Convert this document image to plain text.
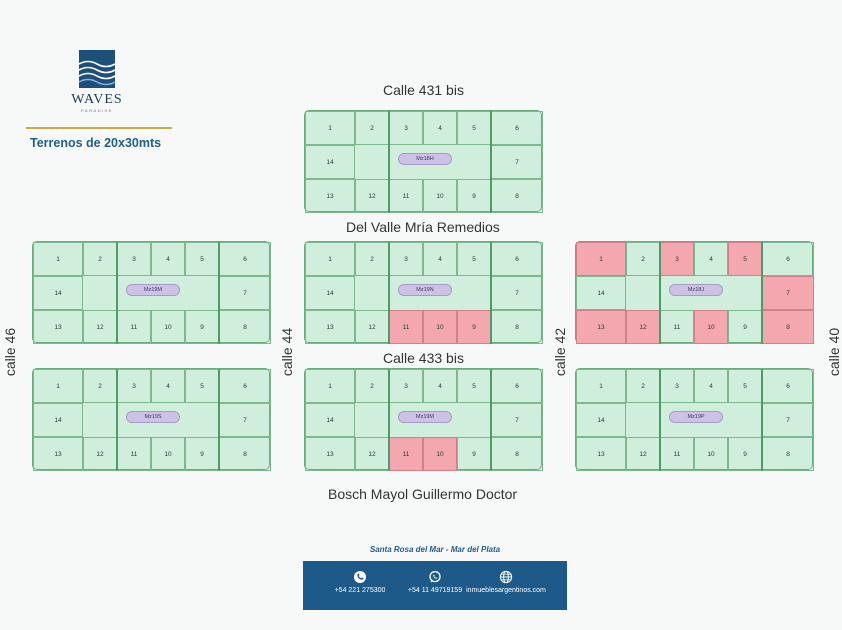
WAVES
PARADISE
Terrenos de 20x30mts
Calle 431 bis
Del Valle Mría Remedios
Calle 433 bis
Bosch Mayol Guillermo Doctor
calle 46	calle 44	calle 42	calle 40
1	2	3	4	5	6
7
8
9
10
11
12
13
14	Mz18H
1	2	3	4	5	6
7
8
9
10
11
12
13
14	Mz19M
1	2	3	4	5	6
7
8
9
10
11
12
13
14	Mz19N
1	2	3	4	5	6
7
8
9
10
11
12
13
14	Mz18J
1	2	3	4	5	6
7
8
9
10
11
12
13
14	Mz19S
1	2	3	4	5	6
7
8
9
10
11
12
13
14	Mz19M
1	2	3	4	5	6
7
8
9
10
11
12
13
14	Mz19P
Santa Rosa del Mar - Mar del Plata
+54 221 275300	+54 11 49719159 inmueblesargentinos.com
